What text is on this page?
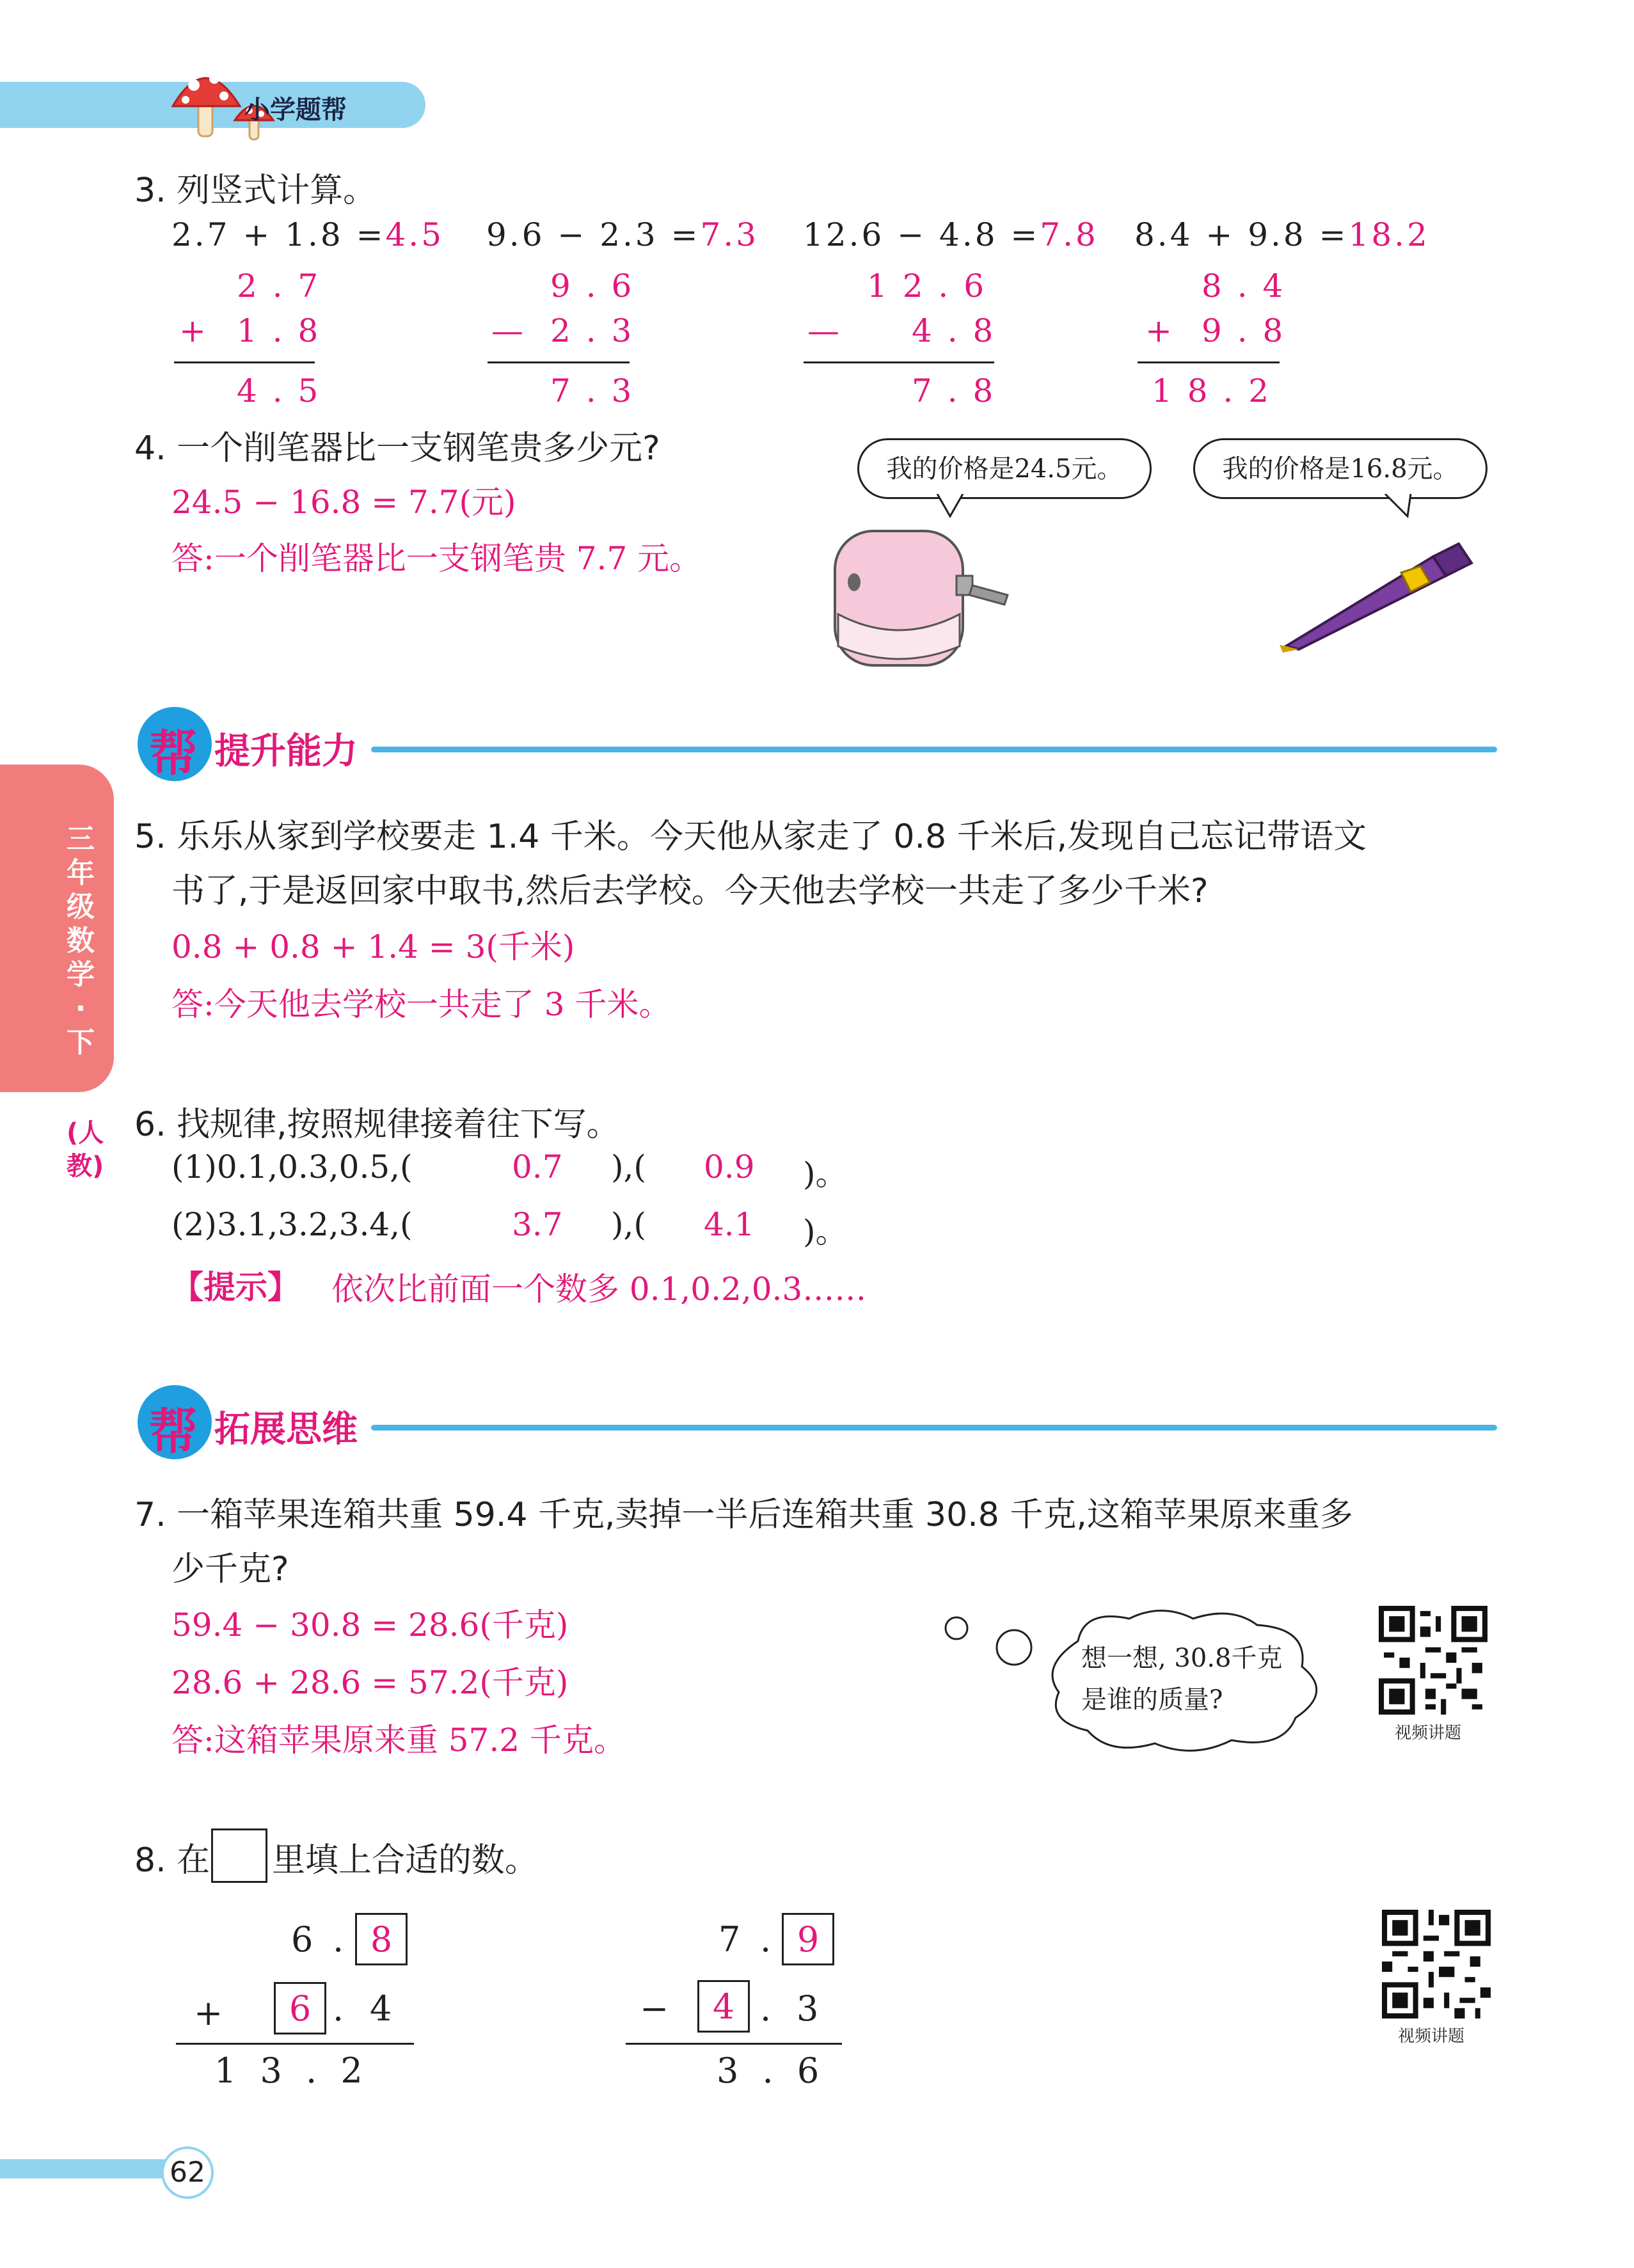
小学题帮
三年级数学·下
(人教)
3. 列竖式计算。
2.7 + 1.8 =4.5 9.6 − 2.3 =7.3 12.6 − 4.8 =7.8 8.4 + 9.8 =18.2
2 . 7
+ 1 . 8
4 . 5
9 . 6
— 2 . 3
7 . 3
1 2 . 6
— 4 . 8
7 . 8
8 . 4
+ 9 . 8
1 8 . 2
4. 一个削笔器比一支钢笔贵多少元?
24.5 − 16.8 = 7.7(元)
答:一个削笔器比一支钢笔贵 7.7 元。
我的价格是24.5元。	我的价格是16.8元。
帮 提升能力
5. 乐乐从家到学校要走 1.4 千米。今天他从家走了 0.8 千米后,发现自己忘记带语文
书了,于是返回家中取书,然后去学校。今天他去学校一共走了多少千米?
0.8 + 0.8 + 1.4 = 3(千米)
答:今天他去学校一共走了 3 千米。
6. 找规律,按照规律接着往下写。
(1)0.1,0.3,0.5,(	0.7 ),( 0.9 )。
(2)3.1,3.2,3.4,(	3.7 ),( 4.1 )。
【提示】 依次比前面一个数多 0.1,0.2,0.3……
帮 拓展思维
7. 一箱苹果连箱共重 59.4 千克,卖掉一半后连箱共重 30.8 千克,这箱苹果原来重多
少千克?
59.4 − 30.8 = 28.6(千克)
28.6 + 28.6 = 57.2(千克)
答:这箱苹果原来重 57.2 千克。
想一想, 30.8千克
是谁的质量?
视频讲题
8. 在 里填上合适的数。
6 . 8
+	6 . 4
1 3 . 2
7 . 9
−	4 . 3
3 . 6
视频讲题
62
